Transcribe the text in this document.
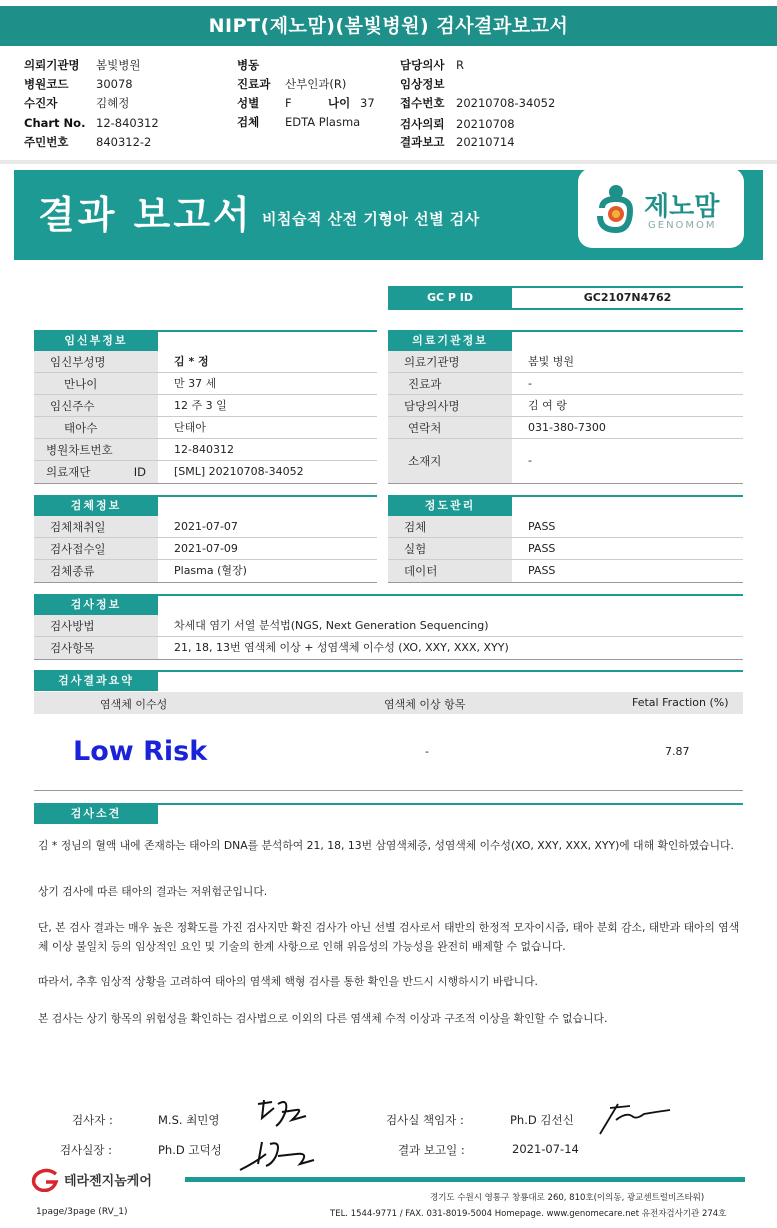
NIPT(제노맘)(봄빛병원) 검사결과보고서
의뢰기관명 봄빛병원
병원코드 30078
수진자	김혜정
Chart No. 12-840312
주민번호 840312-2
병동
진료과 산부인과(R)
성별 F	나이 37
검체 EDTA Plasma
담당의사 R
임상정보
접수번호 20210708-34052
검사의뢰 20210708
결과보고 20210714
결과 보고서 비침습적 산전 기형아 선별 검사	제노맘
GENOMOM
GC P ID	GC2107N4762
임신부정보
임신부성명	김 * 정
만나이	만 37 세
임신주수	12 주 3 일
태아수	단태아
병원차트번호	12-840312
의료재단 ID	[SML] 20210708-34052
의료기관정보
의료기관명	봄빛 병원
진료과	-
담당의사명	김 여 랑
연락처	031-380-7300
소재지	-
검체정보
검체채취일	2021-07-07
검사접수일	2021-07-09
검체종류	Plasma (혈장)
정도관리
검체	PASS
실험	PASS
데이터	PASS
검사정보
검사방법	차세대 염기 서열 분석법(NGS, Next Generation Sequencing)
검사항목	21, 18, 13번 염색체 이상 + 성염색체 이수성 (XO, XXY, XXX, XYY)
검사결과요약
염색체 이수성	염색체 이상 항목	Fetal Fraction (%)
Low Risk	-	7.87
검사소견
김 * 정님의 혈액 내에 존재하는 태아의 DNA를 분석하여 21, 18, 13번 삼염색체증, 성염색체 이수성(XO, XXY, XXX, XYY)에 대해 확인하였습니다.
상기 검사에 따른 태아의 결과는 저위험군입니다.
단, 본 검사 결과는 매우 높은 정확도를 가진 검사지만 확진 검사가 아닌 선별 검사로서 태반의 한정적 모자이시즘, 태아 분회 감소, 태반과 태아의 염색체 이상 불일치 등의 임상적인 요인 및 기술의 한계 사항으로 인해 위음성의 가능성을 완전히 배제할 수 없습니다.
따라서, 추후 임상적 상황을 고려하여 태아의 염색체 핵형 검사를 통한 확인을 반드시 시행하시기 바랍니다.
본 검사는 상기 항목의 위험성을 확인하는 검사법으로 이외의 다른 염색체 수적 이상과 구조적 이상을 확인할 수 없습니다.
검사자 :	M.S. 최민영
검사실장 :	Ph.D 고덕성
검사실 책임자 :	Ph.D 김선신
결과 보고일 :	2021-07-14
테라젠지놈케어
경기도 수원시 영통구 창룡대로 260, 810호(이의동, 광교센트럴비즈타워)
TEL. 1544-9771 / FAX. 031-8019-5004 Homepage. www.genomecare.net 유전자검사기관 274호
1page/3page (RV_1)
